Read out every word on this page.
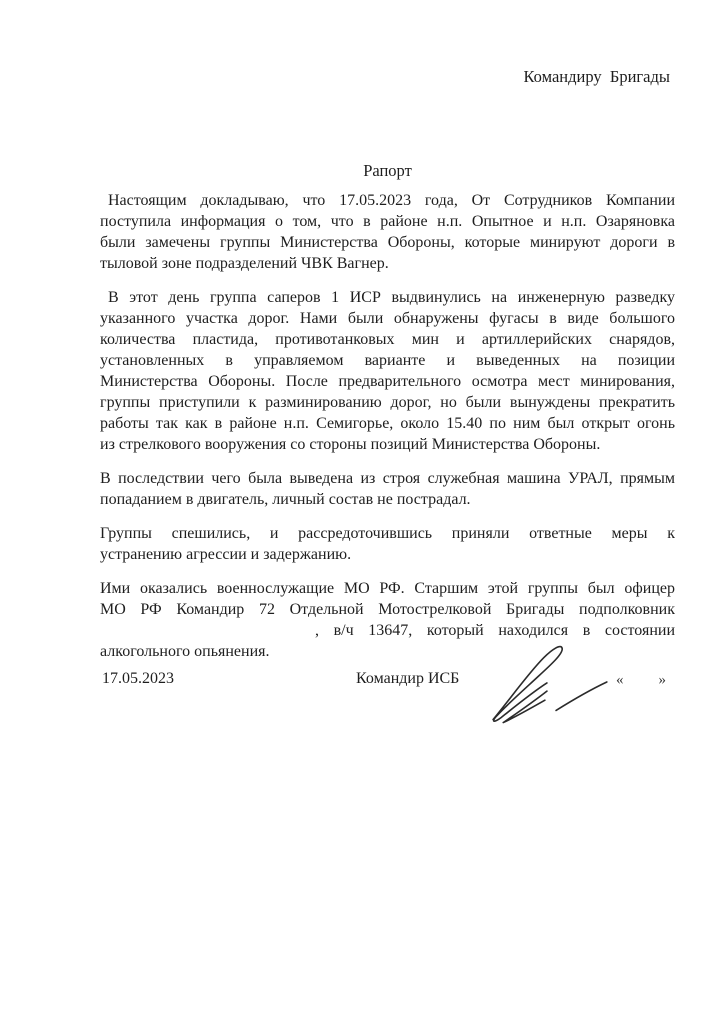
Командиру  Бригады
Рапорт
Настоящим докладываю, что 17.05.2023 года, От Сотрудников Компании
поступила информация о том, что в районе н.п. Опытное и н.п. Озаряновка
были замечены группы Министерства Обороны, которые минируют дороги в
тыловой зоне подразделений ЧВК Вагнер.
В этот день группа саперов 1 ИСР выдвинулись на инженерную разведку
указанного участка дорог. Нами были обнаружены фугасы в виде большого
количества пластида, противотанковых мин и артиллерийских снарядов,
установленных в управляемом варианте и выведенных на позиции
Министерства Обороны. После предварительного осмотра мест минирования,
группы приступили к разминированию дорог, но были вынуждены прекратить
работы так как в районе н.п. Семигорье, около 15.40 по ним был открыт огонь
из стрелкового вооружения со стороны позиций Министерства Обороны.
В последствии чего была выведена из строя служебная машина УРАЛ, прямым
попаданием в двигатель, личный состав не пострадал.
Группы спешились, и рассредоточившись приняли ответные меры к
устранению агрессии и задержанию.
Ими оказались военнослужащие МО РФ. Старшим этой группы был офицер
МО РФ Командир 72 Отдельной Мотострелковой Бригады подполковник
, в/ч 13647, который находился в состоянии
алкогольного опьянения.
17.05.2023	Командир ИСБ	« »
